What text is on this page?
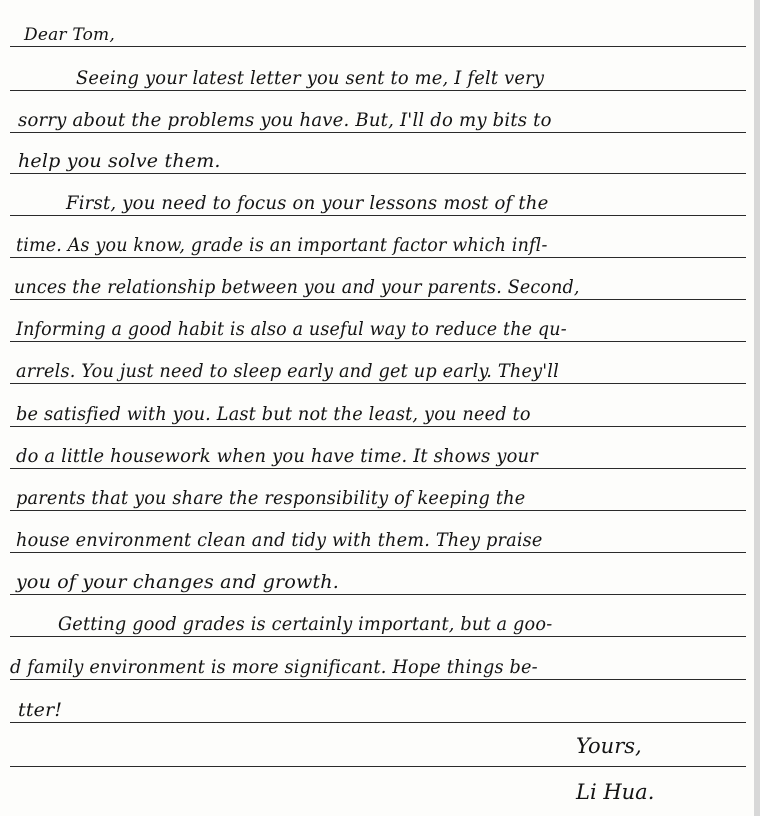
Dear Tom,
Seeing your latest letter you sent to me, I felt very
sorry about the problems you have. But, I'll do my bits to
help you solve them.
First, you need to focus on your lessons most of the
time. As you know, grade is an important factor which infl-
unces the relationship between you and your parents. Second,
Informing a good habit is also a useful way to reduce the qu-
arrels. You just need to sleep early and get up early. They'll
be satisfied with you. Last but not the least, you need to
do a little housework when you have time. It shows your
parents that you share the responsibility of keeping the
house environment clean and tidy with them. They praise
you of your changes and growth.
Getting good grades is certainly important, but a goo-
d family environment is more significant. Hope things be-
tter!
Yours,
Li Hua.
